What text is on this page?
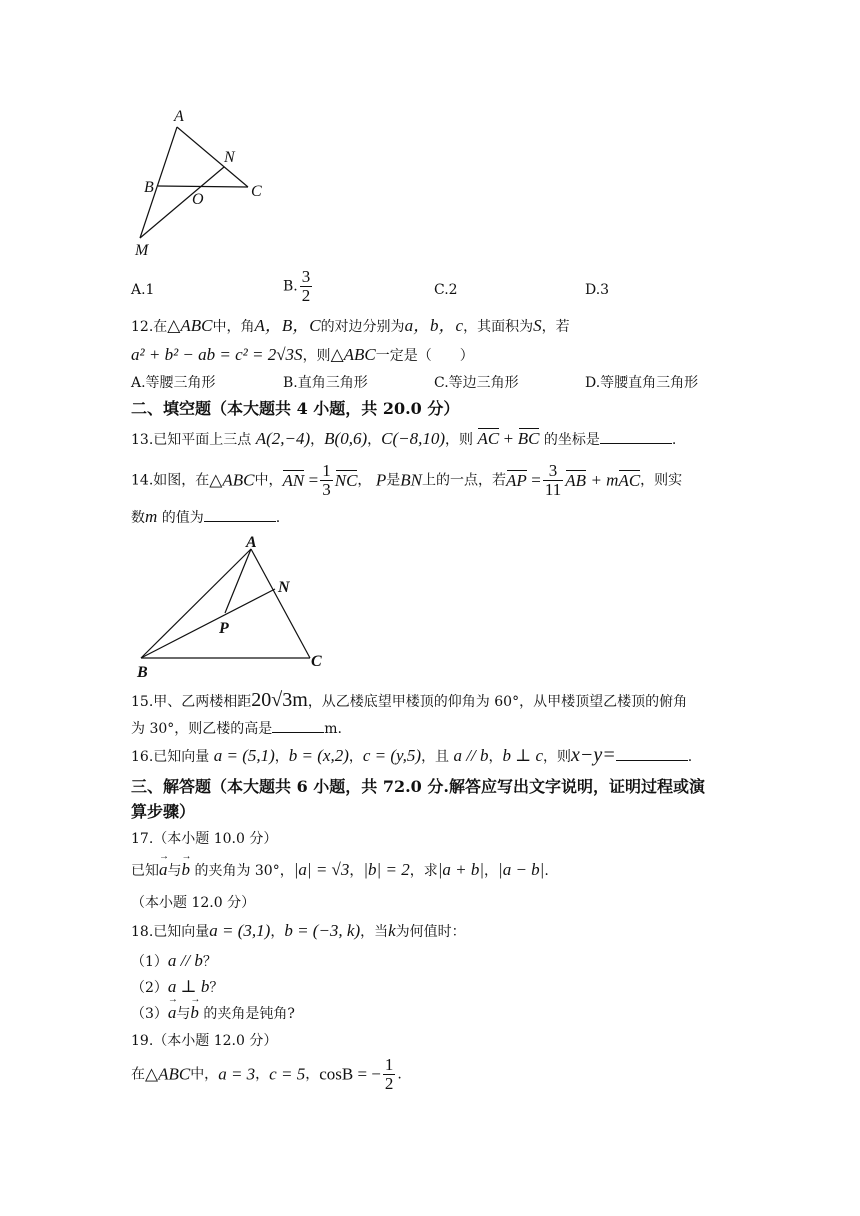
A
N
B
O	C
M
A.1	B. $\frac{3}{2}$	C.2	D.3
12.在△ABC中，角A，B，C的对边分别为a，b，c，其面积为S，若
a² + b² − ab = c² = 2√3S，则△ABC一定是（　　）
A.等腰三角形	B.直角三角形	C.等边三角形	D.等腰直角三角形
二、填空题（本大题共 4 小题，共 20.0 分）
13.已知平面上三点 A(2,−4)，B(0,6)，C(−8,10)，则 AC + BC 的坐标是	.
14.如图，在△ABC中，AN = $\frac{1}{3}$ NC， P是BN上的一点，若AP = $\frac{3}{11}$ AB + mAC，则实
数m 的值为	.
A
N
P
B
C
15.甲、乙两楼相距20√3m，从乙楼底望甲楼顶的仰角为 60°，从甲楼顶望乙楼顶的俯角
为 30°，则乙楼的高是	m.
16.已知向量 a = (5,1)，b = (x,2)，c = (y,5)，且 a // b，b ⊥ c，则x−y=	.
三、解答题（本大题共 6 小题，共 72.0 分.解答应写出文字说明，证明过程或演
算步骤）
17.（本小题 10.0 分）
已知a →与b → 的夹角为 30°，|a| = √3，|b| = 2，求|a + b|，|a − b|.
（本小题 12.0 分）
18.已知向量a = (3,1)，b = (−3, k)，当k为何值时：
（1）a // b？
（2）a ⊥ b？
（3）a →与b → 的夹角是钝角?
19.（本小题 12.0 分）
在△ABC中，a = 3，c = 5，cosB = − $\frac{1}{2}$ .
